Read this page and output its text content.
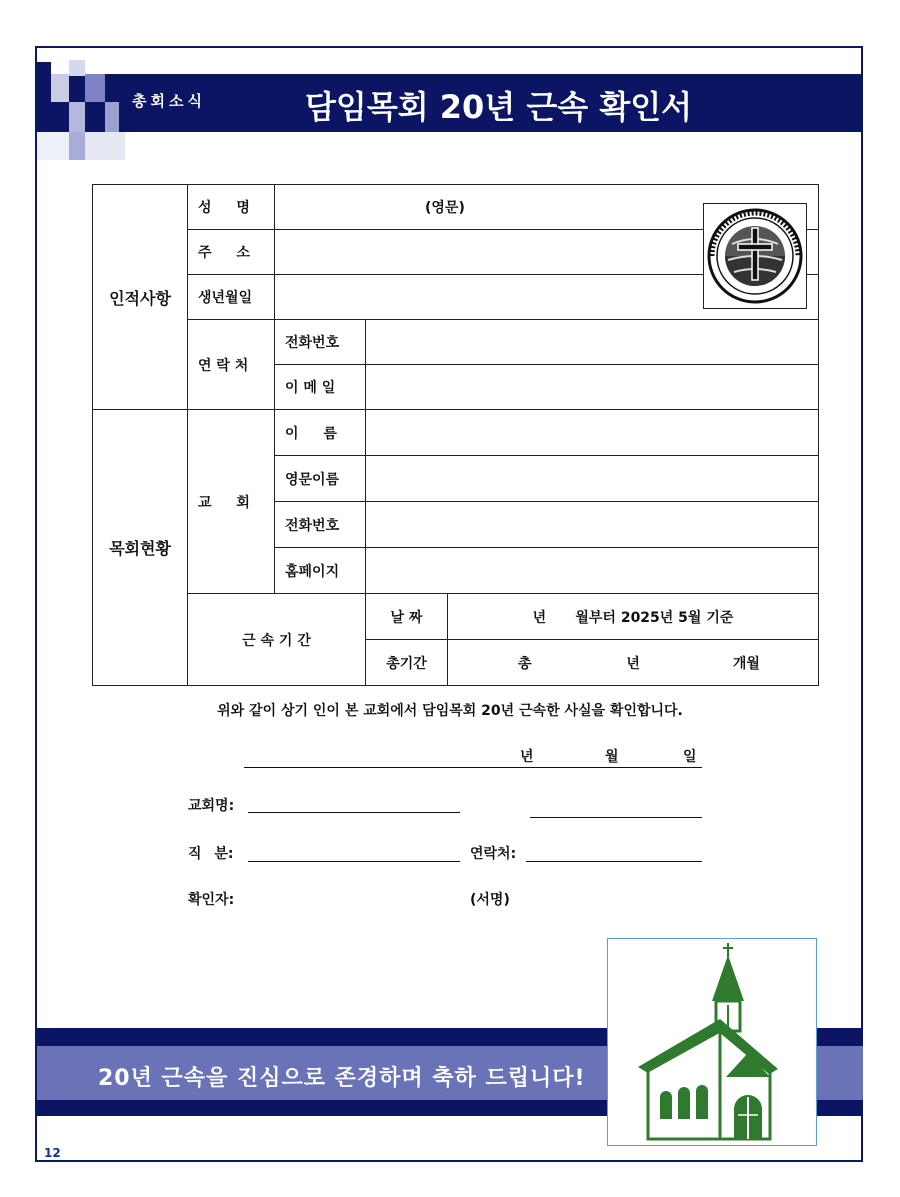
총회소식	담임목회 20년 근속 확인서
인적사항	성 명	(영문)		
	주 소			
	생년월일			
	연 락 처	전화번호		
		이 메 일		
목회현황	교 회	이 름		
		영문이름		
		전화번호		
		홈페이지		
	근 속 기 간		날 짜	년      월부터 2025년 5월 기준
			총기간	총 년 개월
위와 같이 상기 인이 본 교회에서 담임목회 20년 근속한 사실을 확인합니다.
년	월	일
교회명:
직 분:	연락처:
확인자:	(서명)
20년 근속을 진심으로 존경하며 축하 드립니다!
12
